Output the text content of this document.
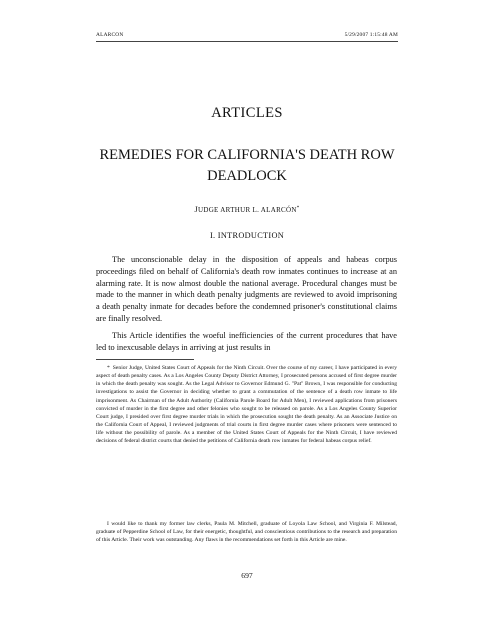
ALARCON	5/29/2007 1:15:48 AM
ARTICLES
REMEDIES FOR CALIFORNIA'S DEATH ROW DEADLOCK
JUDGE ARTHUR L. ALARCÓN*
I. INTRODUCTION

The unconscionable delay in the disposition of appeals and habeas corpus proceedings filed on behalf of California's death row inmates continues to increase at an alarming rate. It is now almost double the national average. Procedural changes must be made to the manner in which death penalty judgments are reviewed to avoid imprisoning a death penalty inmate for decades before the condemned prisoner's constitutional claims are finally resolved.

This Article identifies the woeful inefficiencies of the current procedures that have led to inexcusable delays in arriving at just results in

* Senior Judge, United States Court of Appeals for the Ninth Circuit. Over the course of my career, I have participated in every aspect of death penalty cases. As a Los Angeles County Deputy District Attorney, I prosecuted persons accused of first degree murder in which the death penalty was sought. As the Legal Advisor to Governor Edmund G. "Pat" Brown, I was responsible for conducting investigations to assist the Governor in deciding whether to grant a commutation of the sentence of a death row inmate to life imprisonment. As Chairman of the Adult Authority (California Parole Board for Adult Men), I reviewed applications from prisoners convicted of murder in the first degree and other felonies who sought to be released on parole. As a Los Angeles County Superior Court judge, I presided over first degree murder trials in which the prosecution sought the death penalty. As an Associate Justice on the California Court of Appeal, I reviewed judgments of trial courts in first degree murder cases where prisoners were sentenced to life without the possibility of parole. As a member of the United States Court of Appeals for the Ninth Circuit, I have reviewed decisions of federal district courts that denied the petitions of California death row inmates for federal habeas corpus relief.

I would like to thank my former law clerks, Paula M. Mitchell, graduate of Loyola Law School, and Virginia F. Milstead, graduate of Pepperdine School of Law, for their energetic, thoughtful, and conscientious contributions to the research and preparation of this Article. Their work was outstanding. Any flaws in the recommendations set forth in this Article are mine.

697
